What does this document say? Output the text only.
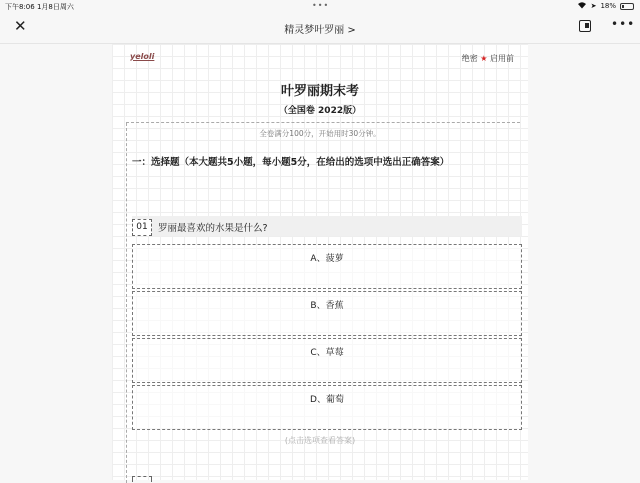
下午8:06 1月8日周六	•••	➤ 18%
✕	精灵梦叶罗丽 >	•••
yeloli	绝密 ★ 启用前
叶罗丽期末考
（全国卷 2022版）
全卷满分100分，开始用时30分钟。
一：选择题（本大题共5小题，每小题5分，在给出的选项中选出正确答案）
01	罗丽最喜欢的水果是什么?
A、菠萝
B、香蕉
C、草莓
D、葡萄
(点击选项查看答案)
